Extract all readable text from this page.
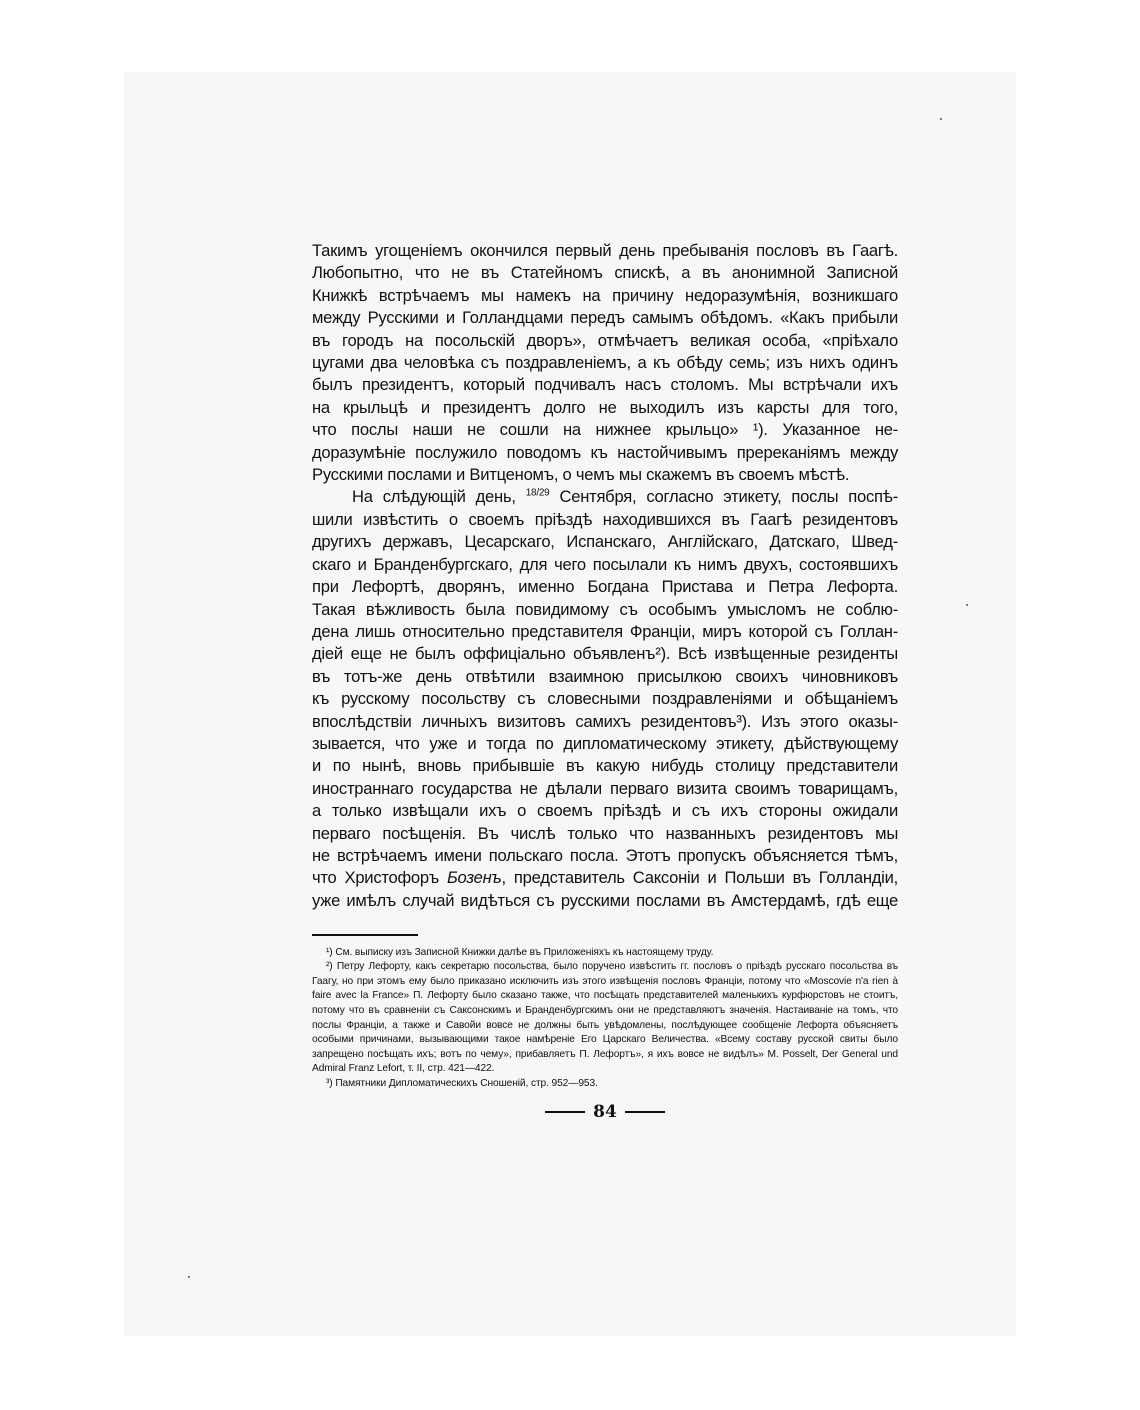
Такимъ угощеніемъ окончился первый день пребыванія пословъ въ Гаагѣ.
Любопытно, что не въ Статейномъ спискѣ, а въ анонимной Записной
Книжкѣ встрѣчаемъ мы намекъ на причину недоразумѣнія, возникшаго
между Русскими и Голландцами передъ самымъ обѣдомъ. «Какъ прибыли
въ городъ на посольскій дворъ», отмѣчаетъ великая особа, «пріѣхало
цугами два человѣка съ поздравленіемъ, а къ обѣду семь; изъ нихъ одинъ
былъ президентъ, который подчивалъ насъ столомъ. Мы встрѣчали ихъ
на крыльцѣ и президентъ долго не выходилъ изъ карсты для того,
что послы наши не сошли на нижнее крыльцо» ¹). Указанное не-
доразумѣніе послужило поводомъ къ настойчивымъ пререканіямъ между
Русскими послами и Витценомъ, о чемъ мы скажемъ въ своемъ мѣстѣ.
На слѣдующій день, $^{18/29}$ Сентября, согласно этикету, послы поспѣ-
шили извѣстить о своемъ пріѣздѣ находившихся въ Гаагѣ резидентовъ
другихъ державъ, Цесарскаго, Испанскаго, Англійскаго, Датскаго, Швед-
скаго и Бранденбургскаго, для чего посылали къ нимъ двухъ, состоявшихъ
при Лефортѣ, дворянъ, именно Богдана Пристава и Петра Лефорта.
Такая вѣжливость была повидимому съ особымъ умысломъ не соблю-
дена лишь относительно представителя Франціи, миръ которой съ Голлан-
діей еще не былъ оффиціально объявленъ²). Всѣ извѣщенные резиденты
въ тотъ-же день отвѣтили взаимною присылкою своихъ чиновниковъ
къ русскому посольству съ словесными поздравленіями и обѣщаніемъ
впослѣдствіи личныхъ визитовъ самихъ резидентовъ³). Изъ этого оказы-
зывается, что уже и тогда по дипломатическому этикету, дѣйствующему
и по нынѣ, вновь прибывшіе въ какую нибудь столицу представители
иностраннаго государства не дѣлали перваго визита своимъ товарищамъ,
а только извѣщали ихъ о своемъ пріѣздѣ и съ ихъ стороны ожидали
перваго посѣщенія. Въ числѣ только что названныхъ резидентовъ мы
не встрѣчаемъ имени польскаго посла. Этотъ пропускъ объясняется тѣмъ,
что Христофоръ Бозенъ, представитель Саксоніи и Польши въ Голландіи,
уже имѣлъ случай видѣться съ русскими послами въ Амстердамѣ, гдѣ еще
¹) См. выписку изъ Записной Книжки далѣе въ Приложеніяхъ къ настоящему труду.
²) Петру Лефорту, какъ секретарю посольства, было поручено извѣстить гг. пословъ о пріѣздѣ русскаго посольства въ Гаагу, но при этомъ ему было приказано исключить изъ этого извѣщенія пословъ Франціи, потому что «Moscovie n'a rien à faire avec la France» П. Лефорту было сказано также, что посѣщать представителей маленькихъ курфюрстовъ не стоитъ, потому что въ сравненіи съ Саксонскимъ и Бранденбургскимъ они не представляютъ значенія. Настаиваніе на томъ, что послы Франціи, а также и Савойи вовсе не должны быть увѣдомлены, послѣдующее сообщеніе Лефорта объясняетъ особыми причинами, вызывающими такое намѣреніе Его Царскаго Величества. «Всему составу русской свиты было запрещено посѣщать ихъ; вотъ по чему», прибавляетъ П. Лефортъ», я ихъ вовсе не видѣлъ» M. Posselt, Der General und Admiral Franz Lefort, т. II, стр. 421—422.
³) Памятники Дипломатическихъ Сношеній, стр. 952—953.
84
